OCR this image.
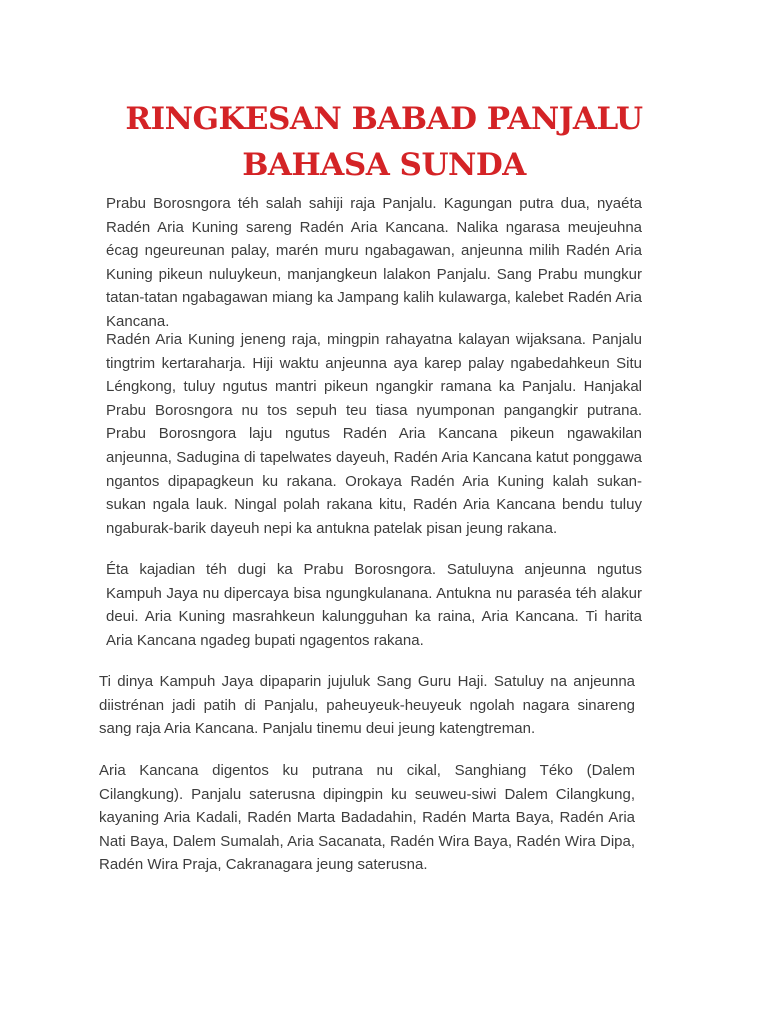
RINGKESAN BABAD PANJALU
BAHASA SUNDA

Prabu Borosngora téh salah sahiji raja Panjalu. Kagungan putra dua, nyaéta Radén Aria Kuning sareng Radén Aria Kancana. Nalika ngarasa meujeuhna écag ngeureunan palay, marén muru ngabagawan, anjeunna milih Radén Aria Kuning pikeun nuluykeun, manjangkeun lalakon Panjalu. Sang Prabu mungkur tatan-tatan ngabagawan miang ka Jampang kalih kulawarga, kalebet Radén Aria Kancana.

Radén Aria Kuning jeneng raja, mingpin rahayatna kalayan wijaksana. Panjalu tingtrim kertaraharja. Hiji waktu anjeunna aya karep palay ngabedahkeun Situ Léngkong, tuluy ngutus mantri pikeun ngangkir ramana ka Panjalu. Hanjakal Prabu Borosngora nu tos sepuh teu tiasa nyumponan pangangkir putrana. Prabu Borosngora laju ngutus Radén Aria Kancana pikeun ngawakilan anjeunna, Sadugina di tapelwates dayeuh, Radén Aria Kancana katut ponggawa ngantos dipapagkeun ku rakana. Orokaya Radén Aria Kuning kalah sukan-sukan ngala lauk. Ningal polah rakana kitu, Radén Aria Kancana bendu tuluy ngaburak-barik dayeuh nepi ka antukna patelak pisan jeung rakana.

Éta kajadian téh dugi ka Prabu Borosngora. Satuluyna anjeunna ngutus Kampuh Jaya nu dipercaya bisa ngungkulanana. Antukna nu paraséa téh alakur deui. Aria Kuning masrahkeun kalungguhan ka raina, Aria Kancana. Ti harita Aria Kancana ngadeg bupati ngagentos rakana.

Ti dinya Kampuh Jaya dipaparin jujuluk Sang Guru Haji. Satuluy na anjeunna diistrénan jadi patih di Panjalu, paheuyeuk-heuyeuk ngolah nagara sinareng sang raja Aria Kancana. Panjalu tinemu deui jeung katengtreman.

Aria Kancana digentos ku putrana nu cikal, Sanghiang Téko (Dalem Cilangkung). Panjalu saterusna dipingpin ku seuweu-siwi Dalem Cilangkung, kayaning Aria Kadali, Radén Marta Badadahin, Radén Marta Baya, Radén Aria Nati Baya, Dalem Sumalah, Aria Sacanata, Radén Wira Baya, Radén Wira Dipa, Radén Wira Praja, Cakranagara jeung saterusna.
